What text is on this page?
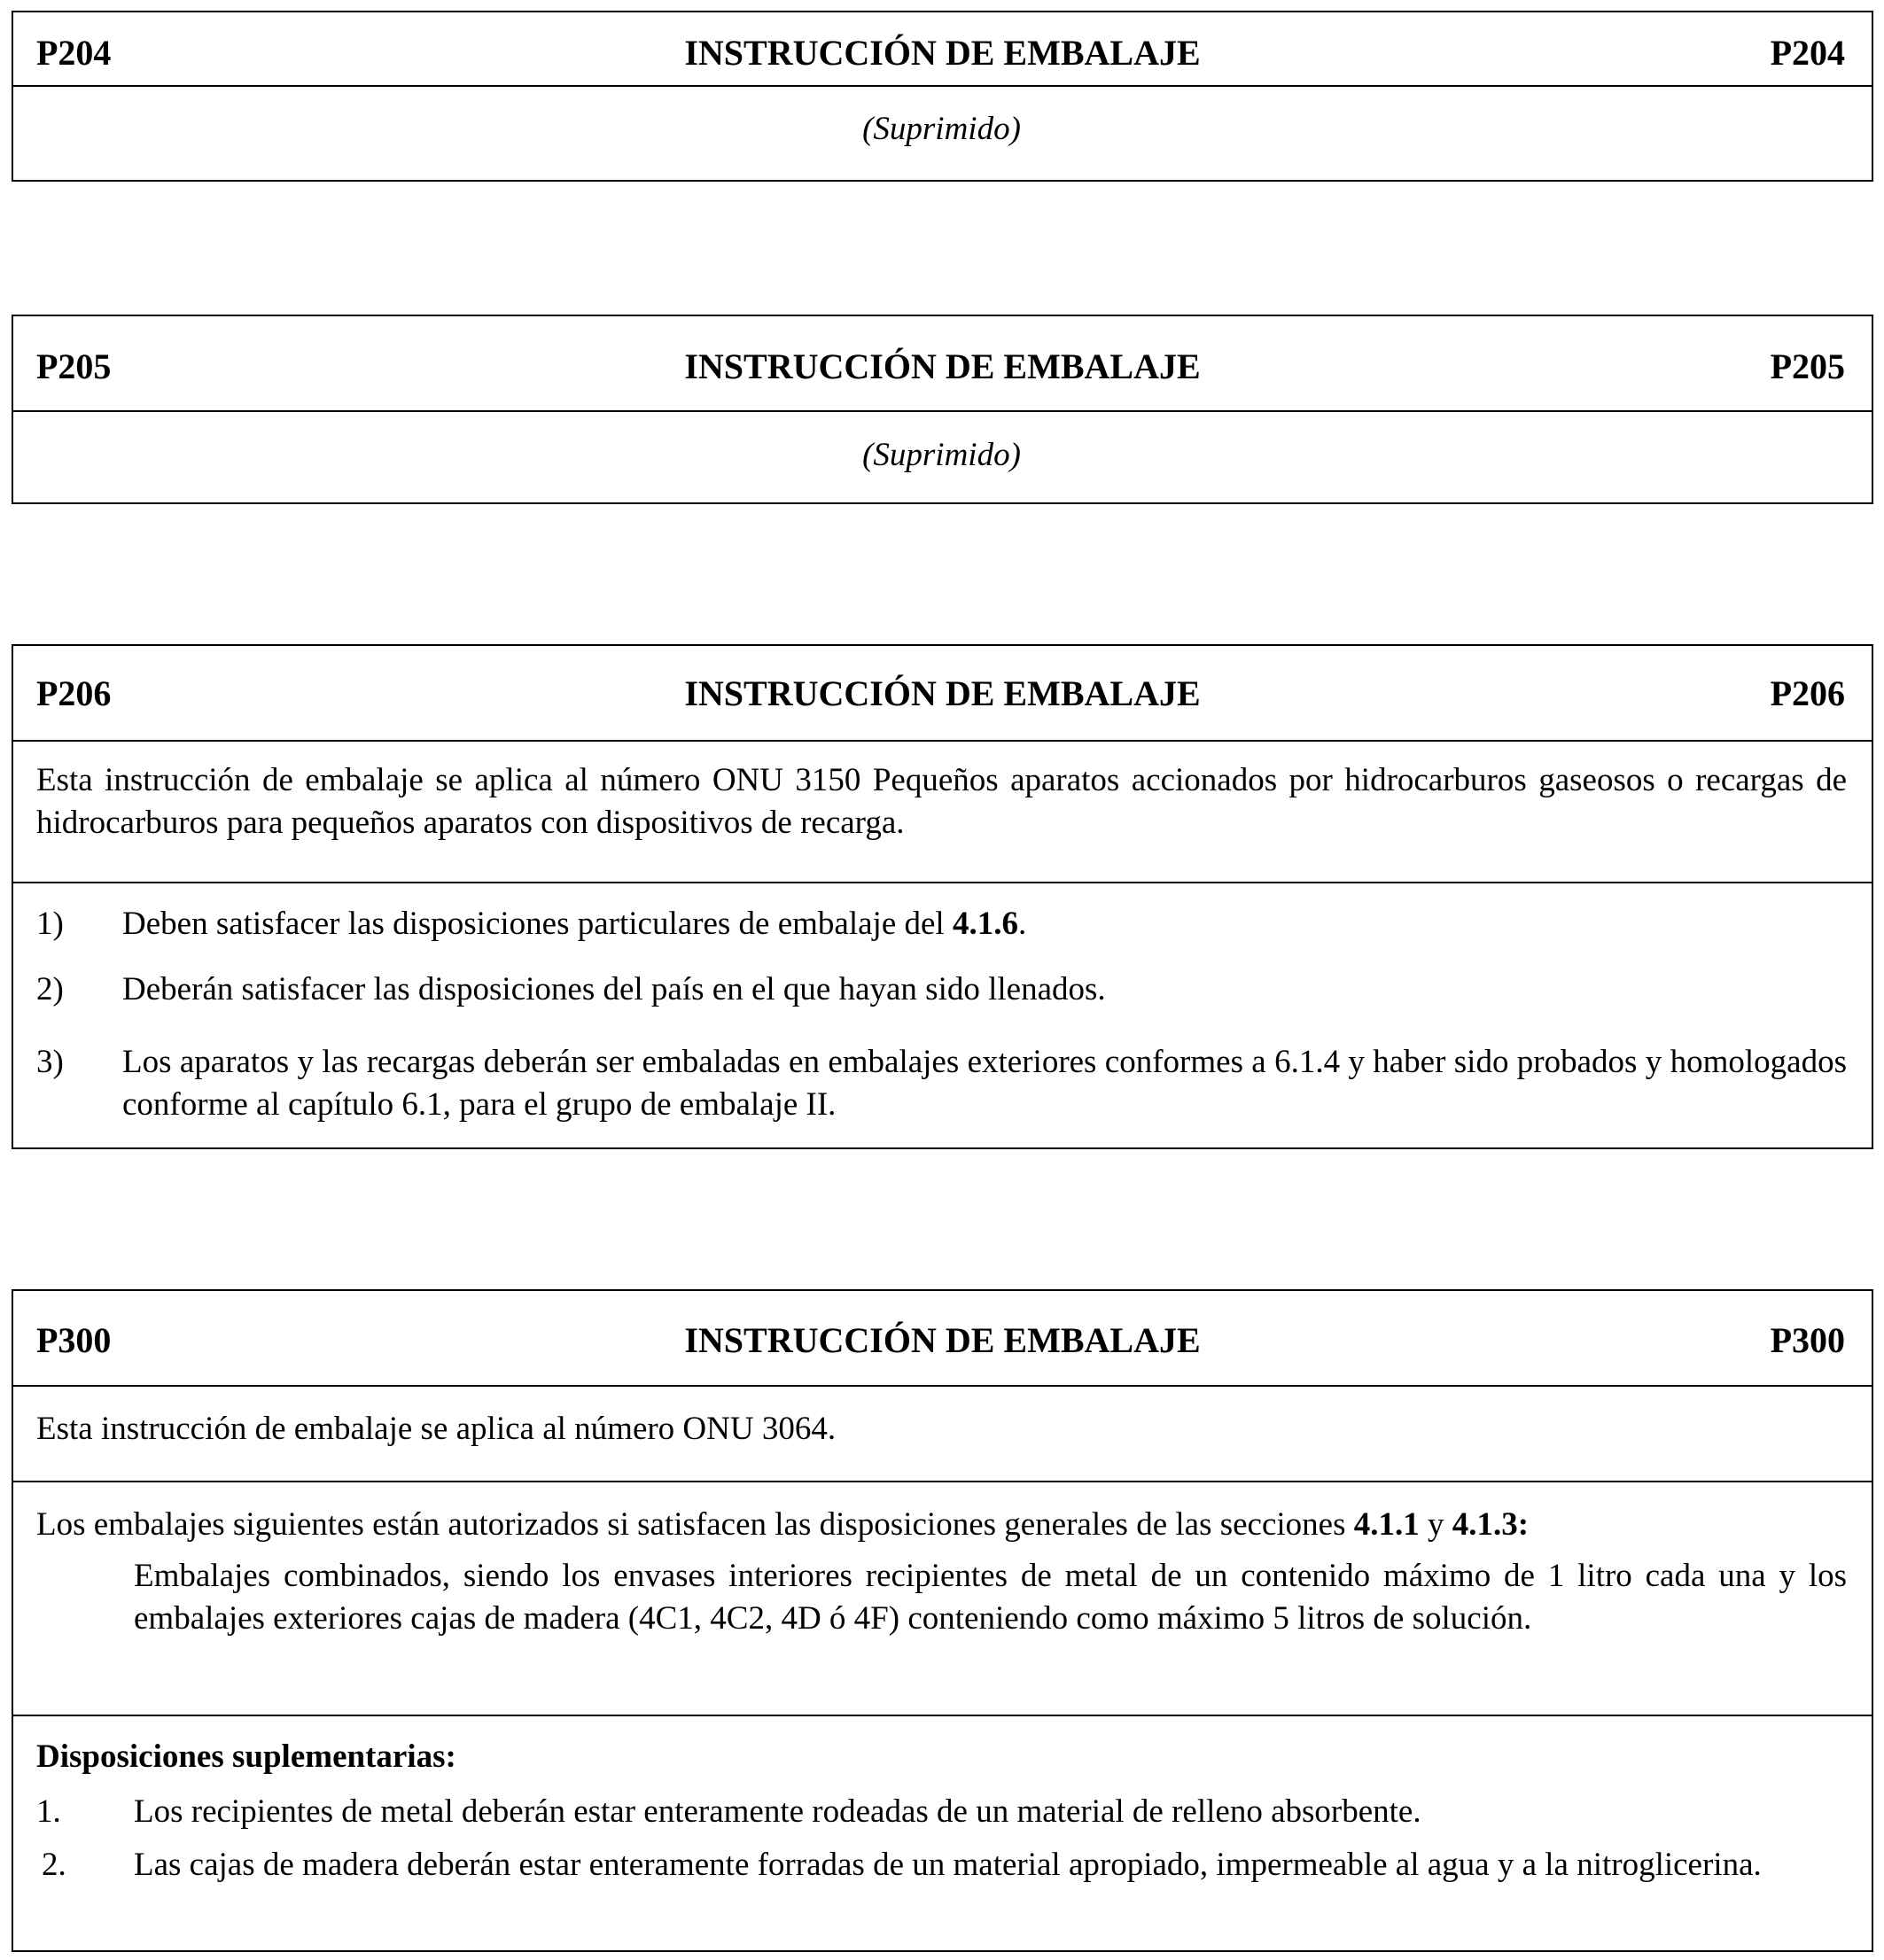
P204	INSTRUCCIÓN DE EMBALAJE	P204
(Suprimido)
P205	INSTRUCCIÓN DE EMBALAJE	P205
(Suprimido)
P206	INSTRUCCIÓN DE EMBALAJE	P206
Esta instrucción de embalaje se aplica al número ONU 3150 Pequeños aparatos accionados por hidrocarburos gaseosos o recargas de hidrocarburos para pequeños aparatos con dispositivos de recarga.
1) Deben satisfacer las disposiciones particulares de embalaje del 4.1.6.
2) Deberán satisfacer las disposiciones del país en el que hayan sido llenados.
3) Los aparatos y las recargas deberán ser embaladas en embalajes exteriores conformes a 6.1.4 y haber sido probados y homologados conforme al capítulo 6.1, para el grupo de embalaje II.
P300	INSTRUCCIÓN DE EMBALAJE	P300
Esta instrucción de embalaje se aplica al número ONU 3064.
Los embalajes siguientes están autorizados si satisfacen las disposiciones generales de las secciones 4.1.1 y 4.1.3:
Embalajes combinados, siendo los envases interiores recipientes de metal de un contenido máximo de 1 litro cada una y los embalajes exteriores cajas de madera (4C1, 4C2, 4D ó 4F) conteniendo como máximo 5 litros de solución.
Disposiciones suplementarias:
1. Los recipientes de metal deberán estar enteramente rodeadas de un material de relleno absorbente.
2. Las cajas de madera deberán estar enteramente forradas de un material apropiado, impermeable al agua y a la nitroglicerina.
